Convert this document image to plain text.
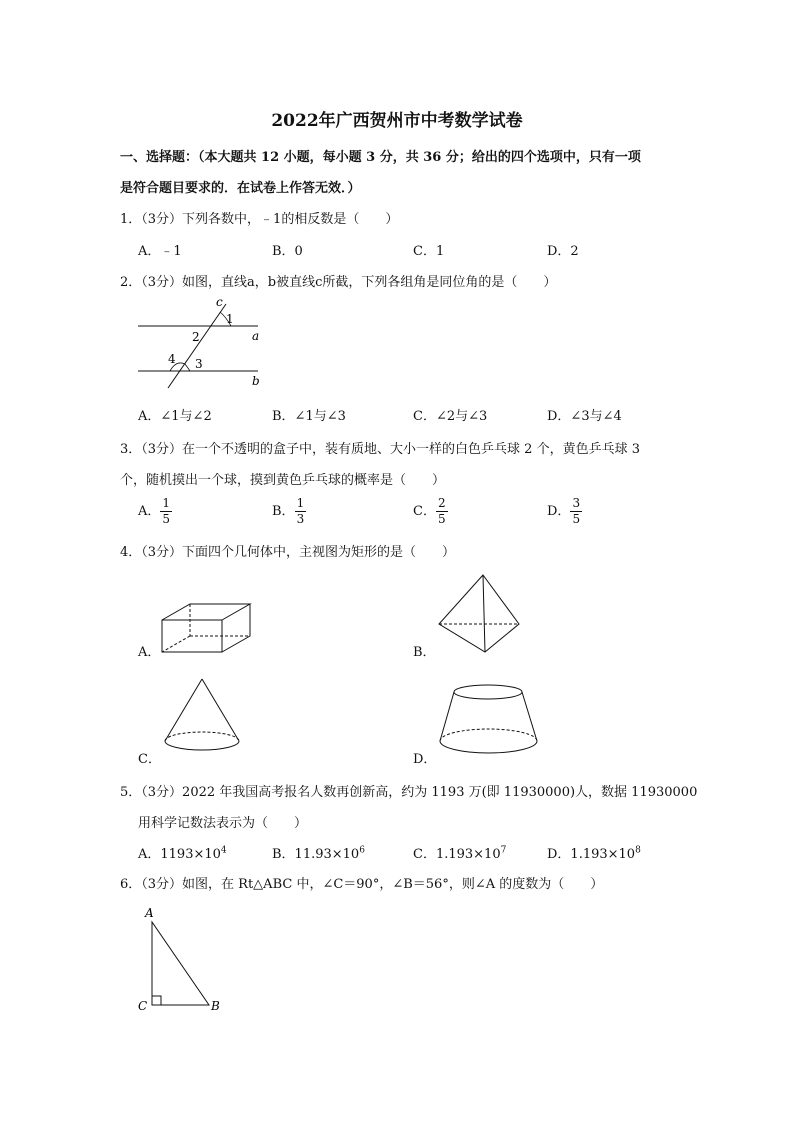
2022年广西贺州市中考数学试卷
一、选择题：（本大题共 12 小题，每小题 3 分，共 36 分；给出的四个选项中，只有一项
是符合题目要求的．在试卷上作答无效．）
1．（3分）下列各数中，﹣1的相反数是（　　）
A．﹣1	B．0	C．1	D．2
2．（3分）如图，直线a，b被直线c所截，下列各组角是同位角的是（　　）
c
a
b
1
2
3
4
A．∠1与∠2	B．∠1与∠3	C．∠2与∠3	D．∠3与∠4
3．（3分）在一个不透明的盒子中，装有质地、大小一样的白色乒乓球 2 个，黄色乒乓球 3
个，随机摸出一个球，摸到黄色乒乓球的概率是（　　）
A． $\frac{1}{5}$	B． $\frac{1}{3}$	C． $\frac{2}{5}$	D． $\frac{3}{5}$
4．（3分）下面四个几何体中，主视图为矩形的是（　　）
A．	B．
C．	D．
5．（3分）2022 年我国高考报名人数再创新高，约为 1193 万(即 11930000)人，数据 11930000
用科学记数法表示为（　　）
A．$1193\times 10^4$	B．$11.93\times 10^6$	C．$1.193\times 10^7$	D．$1.193\times 10^8$
6．（3分）如图，在 Rt△ABC 中，∠C＝90°，∠B＝56°，则∠A 的度数为（　　）
A
C	B
